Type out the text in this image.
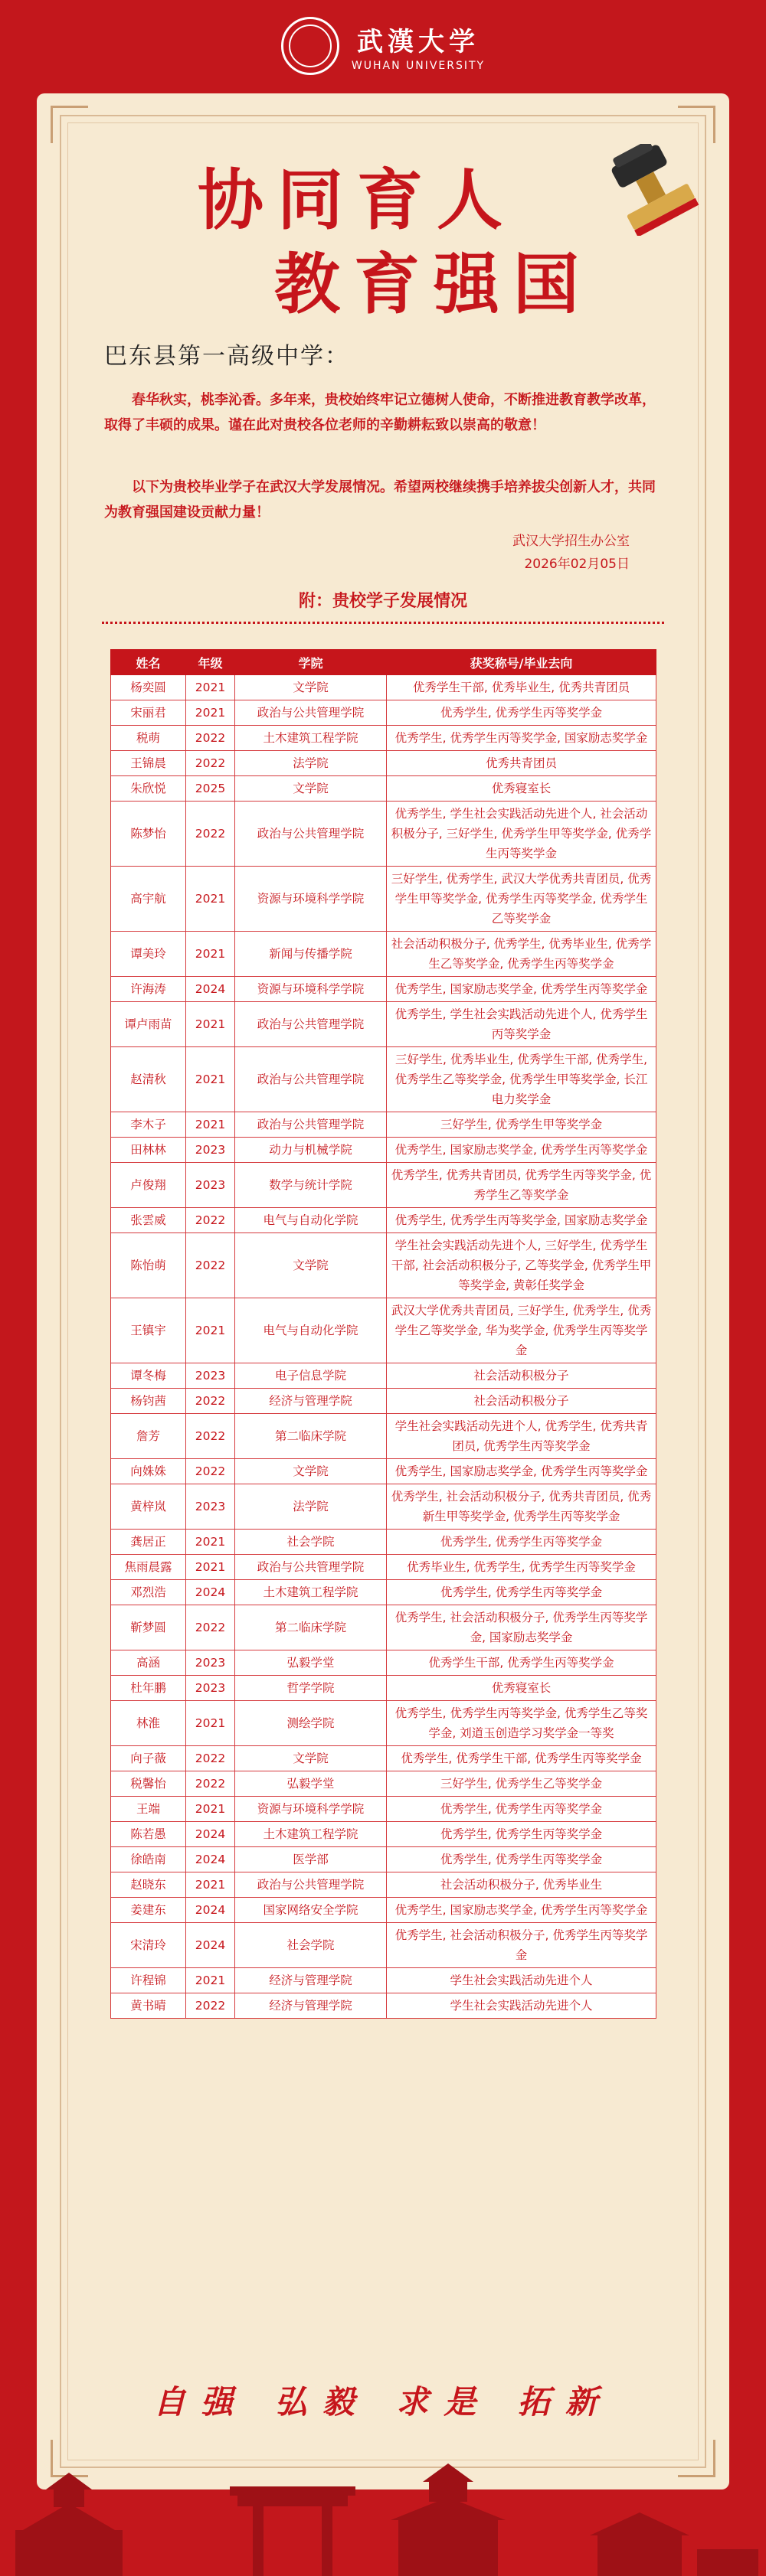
武漢大学
WUHAN UNIVERSITY
协同育人
教育强国
巴东县第一高级中学：

春华秋实，桃李沁香。多年来，贵校始终牢记立德树人使命，不断推进教育教学改革，取得了丰硕的成果。谨在此对贵校各位老师的辛勤耕耘致以崇高的敬意！

以下为贵校毕业学子在武汉大学发展情况。希望两校继续携手培养拔尖创新人才，共同为教育强国建设贡献力量！

武汉大学招生办公室
2026年02月05日
附：贵校学子发展情况
姓名	年级	学院	获奖称号/毕业去向
杨奕圆	2021	文学院	优秀学生干部, 优秀毕业生, 优秀共青团员
宋丽君	2021	政治与公共管理学院	优秀学生, 优秀学生丙等奖学金
税萌	2022	土木建筑工程学院	优秀学生, 优秀学生丙等奖学金, 国家励志奖学金
王锦晨	2022	法学院	优秀共青团员
朱欣悦	2025	文学院	优秀寝室长
陈梦怡	2022	政治与公共管理学院	优秀学生, 学生社会实践活动先进个人, 社会活动积极分子, 三好学生, 优秀学生甲等奖学金, 优秀学生丙等奖学金
高宇航	2021	资源与环境科学学院	三好学生, 优秀学生, 武汉大学优秀共青团员, 优秀学生甲等奖学金, 优秀学生丙等奖学金, 优秀学生乙等奖学金
谭美玲	2021	新闻与传播学院	社会活动积极分子, 优秀学生, 优秀毕业生, 优秀学生乙等奖学金, 优秀学生丙等奖学金
许海涛	2024	资源与环境科学学院	优秀学生, 国家励志奖学金, 优秀学生丙等奖学金
谭卢雨苗	2021	政治与公共管理学院	优秀学生, 学生社会实践活动先进个人, 优秀学生丙等奖学金
赵清秋	2021	政治与公共管理学院	三好学生, 优秀毕业生, 优秀学生干部, 优秀学生, 优秀学生乙等奖学金, 优秀学生甲等奖学金, 长江电力奖学金
李木子	2021	政治与公共管理学院	三好学生, 优秀学生甲等奖学金
田林林	2023	动力与机械学院	优秀学生, 国家励志奖学金, 优秀学生丙等奖学金
卢俊翔	2023	数学与统计学院	优秀学生, 优秀共青团员, 优秀学生丙等奖学金, 优秀学生乙等奖学金
张雲威	2022	电气与自动化学院	优秀学生, 优秀学生丙等奖学金, 国家励志奖学金
陈怡萌	2022	文学院	学生社会实践活动先进个人, 三好学生, 优秀学生干部, 社会活动积极分子, 乙等奖学金, 优秀学生甲等奖学金, 黄彰任奖学金
王镇宇	2021	电气与自动化学院	武汉大学优秀共青团员, 三好学生, 优秀学生, 优秀学生乙等奖学金, 华为奖学金, 优秀学生丙等奖学金
谭冬梅	2023	电子信息学院	社会活动积极分子
杨钧茜	2022	经济与管理学院	社会活动积极分子
詹芳	2022	第二临床学院	学生社会实践活动先进个人, 优秀学生, 优秀共青团员, 优秀学生丙等奖学金
向姝姝	2022	文学院	优秀学生, 国家励志奖学金, 优秀学生丙等奖学金
黄梓岚	2023	法学院	优秀学生, 社会活动积极分子, 优秀共青团员, 优秀新生甲等奖学金, 优秀学生丙等奖学金
龚居正	2021	社会学院	优秀学生, 优秀学生丙等奖学金
焦雨晨露	2021	政治与公共管理学院	优秀毕业生, 优秀学生, 优秀学生丙等奖学金
邓烈浩	2024	土木建筑工程学院	优秀学生, 优秀学生丙等奖学金
靳梦圆	2022	第二临床学院	优秀学生, 社会活动积极分子, 优秀学生丙等奖学金, 国家励志奖学金
高涵	2023	弘毅学堂	优秀学生干部, 优秀学生丙等奖学金
杜年鹏	2023	哲学学院	优秀寝室长
林淮	2021	测绘学院	优秀学生, 优秀学生丙等奖学金, 优秀学生乙等奖学金, 刘道玉创造学习奖学金一等奖
向子薇	2022	文学院	优秀学生, 优秀学生干部, 优秀学生丙等奖学金
税馨怡	2022	弘毅学堂	三好学生, 优秀学生乙等奖学金
王端	2021	资源与环境科学学院	优秀学生, 优秀学生丙等奖学金
陈若愚	2024	土木建筑工程学院	优秀学生, 优秀学生丙等奖学金
徐皓南	2024	医学部	优秀学生, 优秀学生丙等奖学金
赵晓东	2021	政治与公共管理学院	社会活动积极分子, 优秀毕业生
姜建东	2024	国家网络安全学院	优秀学生, 国家励志奖学金, 优秀学生丙等奖学金
宋清玲	2024	社会学院	优秀学生, 社会活动积极分子, 优秀学生丙等奖学金
许程锦	2021	经济与管理学院	学生社会实践活动先进个人
黄书晴	2022	经济与管理学院	学生社会实践活动先进个人
自强 弘毅 求是 拓新
